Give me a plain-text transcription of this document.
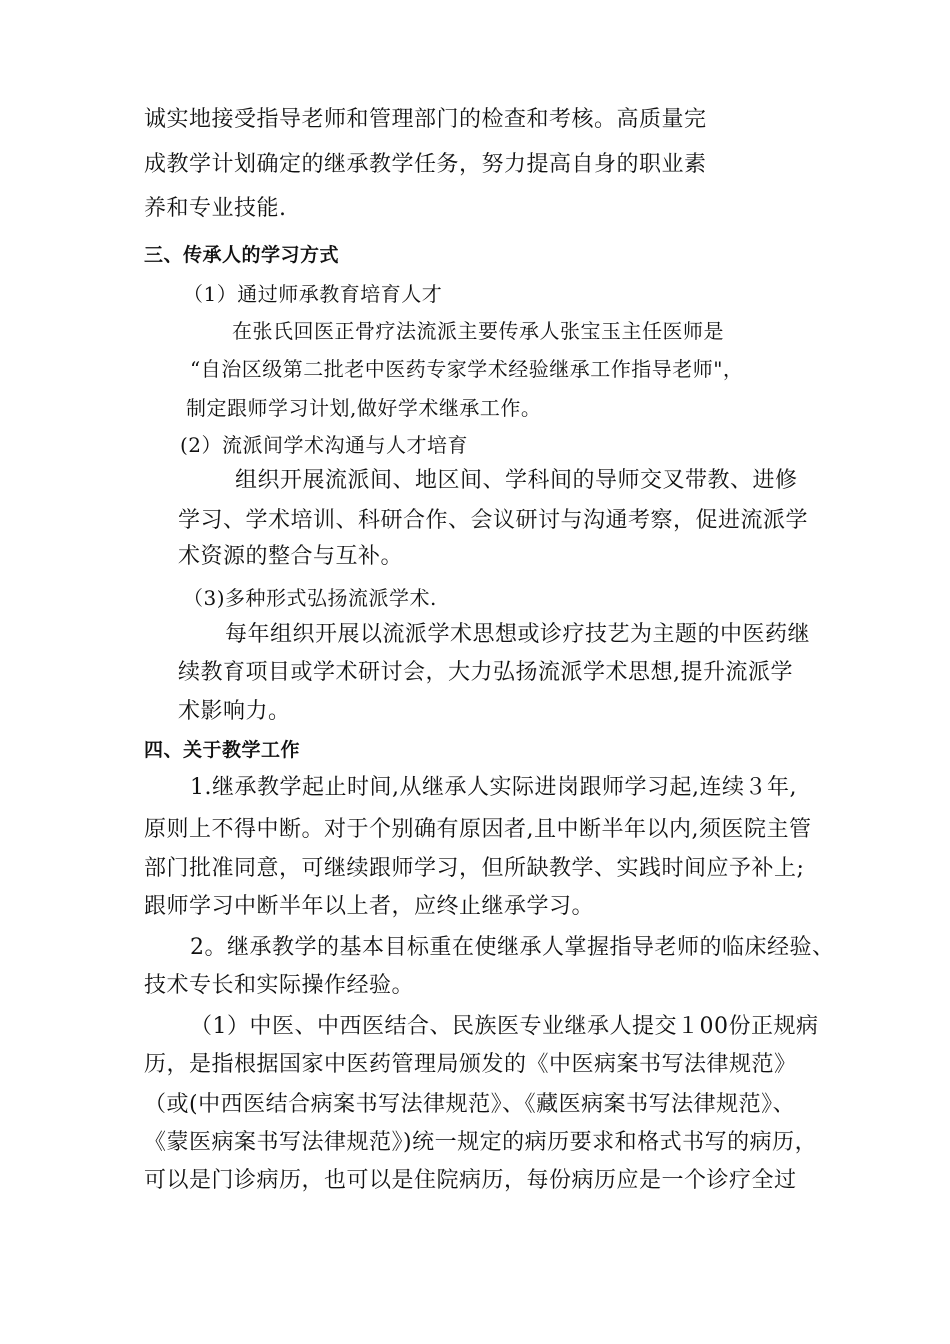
诚实地接受指导老师和管理部门的检查和考核。高质量完
成教学计划确定的继承教学任务，努力提高自身的职业素
养和专业技能.
三、传承人的学习方式
（1）通过师承教育培育人才
在张氏回医正骨疗法流派主要传承人张宝玉主任医师是
“自治区级第二批老中医药专家学术经验继承工作指导老师"，
制定跟师学习计划,做好学术继承工作。
(2）流派间学术沟通与人才培育
组织开展流派间、地区间、学科间的导师交叉带教、进修
学习、学术培训、科研合作、会议研讨与沟通考察，促进流派学
术资源的整合与互补。
（3)多种形式弘扬流派学术.
每年组织开展以流派学术思想或诊疗技艺为主题的中医药继
续教育项目或学术研讨会，大力弘扬流派学术思想,提升流派学
术影响力。
四、关于教学工作
1.继承教学起止时间,从继承人实际进岗跟师学习起,连续３年,
原则上不得中断。对于个别确有原因者,且中断半年以内,须医院主管
部门批准同意，可继续跟师学习，但所缺教学、实践时间应予补上;
跟师学习中断半年以上者，应终止继承学习。
2。继承教学的基本目标重在使继承人掌握指导老师的临床经验、
技术专长和实际操作经验。
（1）中医、中西医结合、民族医专业继承人提交１00份正规病
历，是指根据国家中医药管理局颁发的《中医病案书写法律规范》
（或(中西医结合病案书写法律规范》、《藏医病案书写法律规范》、
《蒙医病案书写法律规范》)统一规定的病历要求和格式书写的病历，
可以是门诊病历，也可以是住院病历，每份病历应是一个诊疗全过
